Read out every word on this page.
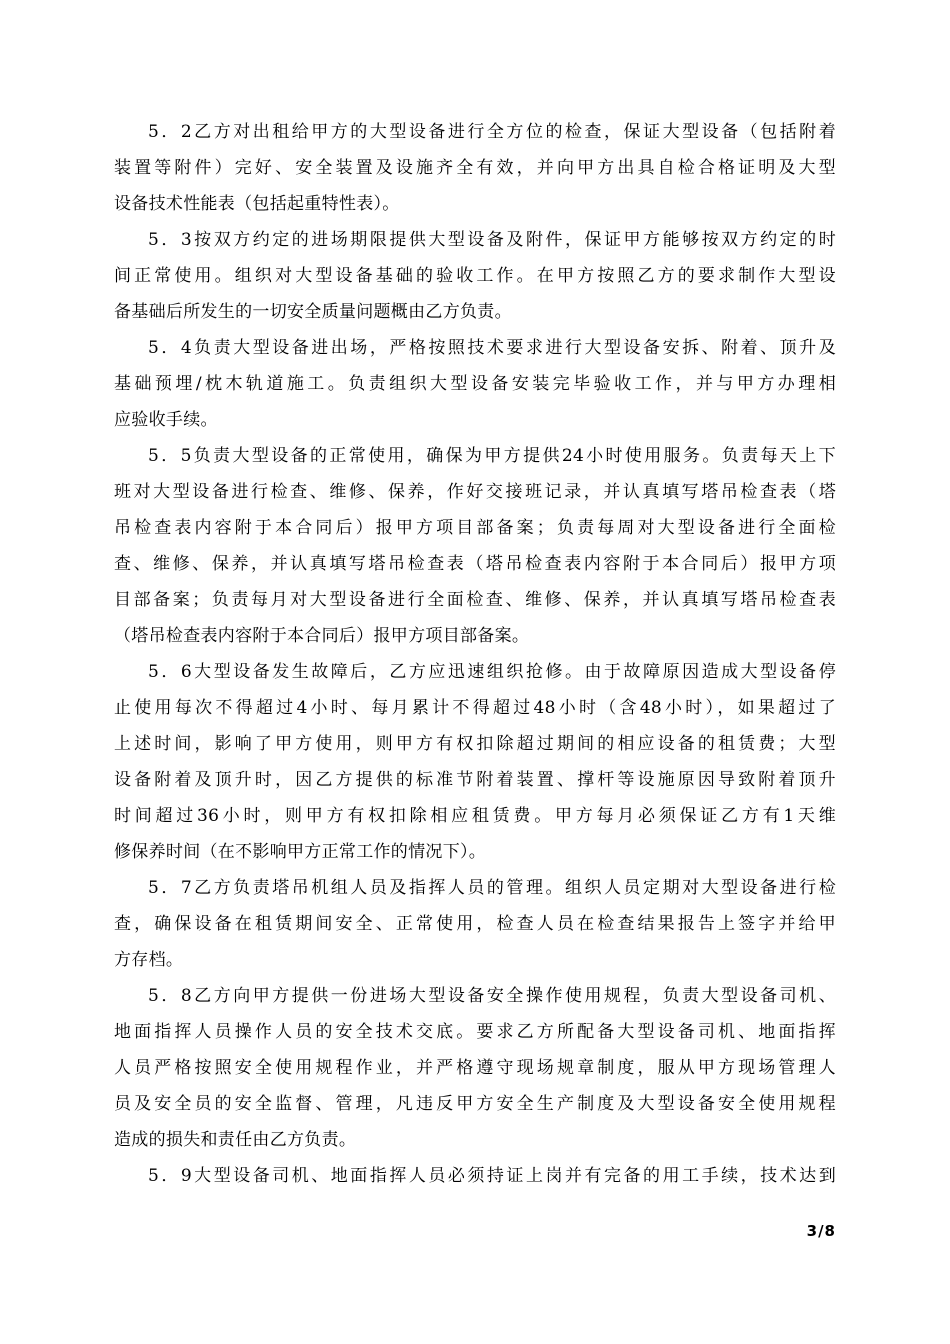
5．2乙方对出租给甲方的大型设备进行全方位的检查，保证大型设备（包括附着
装置等附件）完好、安全装置及设施齐全有效，并向甲方出具自检合格证明及大型
设备技术性能表（包括起重特性表）。
5．3按双方约定的进场期限提供大型设备及附件，保证甲方能够按双方约定的时
间正常使用。组织对大型设备基础的验收工作。在甲方按照乙方的要求制作大型设
备基础后所发生的一切安全质量问题概由乙方负责。
5．4负责大型设备进出场，严格按照技术要求进行大型设备安拆、附着、顶升及
基础预埋/枕木轨道施工。负责组织大型设备安装完毕验收工作，并与甲方办理相
应验收手续。
5．5负责大型设备的正常使用，确保为甲方提供24小时使用服务。负责每天上下
班对大型设备进行检查、维修、保养，作好交接班记录，并认真填写塔吊检查表（塔
吊检查表内容附于本合同后）报甲方项目部备案；负责每周对大型设备进行全面检
查、维修、保养，并认真填写塔吊检查表（塔吊检查表内容附于本合同后）报甲方项
目部备案；负责每月对大型设备进行全面检查、维修、保养，并认真填写塔吊检查表
（塔吊检查表内容附于本合同后）报甲方项目部备案。
5．6大型设备发生故障后，乙方应迅速组织抢修。由于故障原因造成大型设备停
止使用每次不得超过4小时、每月累计不得超过48小时（含48小时），如果超过了
上述时间，影响了甲方使用，则甲方有权扣除超过期间的相应设备的租赁费；大型
设备附着及顶升时，因乙方提供的标准节附着装置、撑杆等设施原因导致附着顶升
时间超过36小时，则甲方有权扣除相应租赁费。甲方每月必须保证乙方有1天维
修保养时间（在不影响甲方正常工作的情况下）。
5．7乙方负责塔吊机组人员及指挥人员的管理。组织人员定期对大型设备进行检
查，确保设备在租赁期间安全、正常使用，检查人员在检查结果报告上签字并给甲
方存档。
5．8乙方向甲方提供一份进场大型设备安全操作使用规程，负责大型设备司机、
地面指挥人员操作人员的安全技术交底。要求乙方所配备大型设备司机、地面指挥
人员严格按照安全使用规程作业，并严格遵守现场规章制度，服从甲方现场管理人
员及安全员的安全监督、管理，凡违反甲方安全生产制度及大型设备安全使用规程
造成的损失和责任由乙方负责。
5．9大型设备司机、地面指挥人员必须持证上岗并有完备的用工手续，技术达到
3/8
